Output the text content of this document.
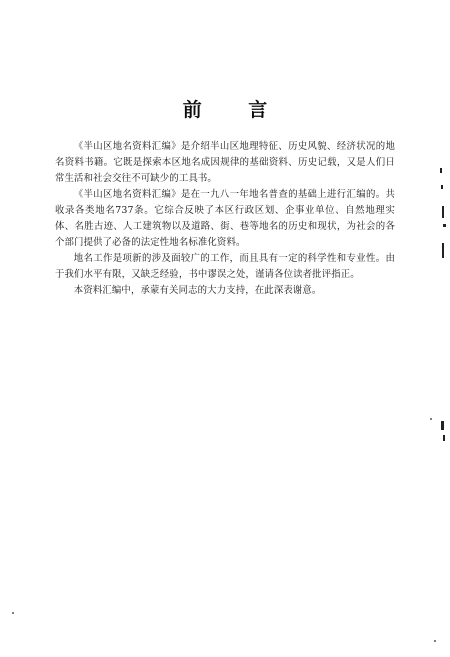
前 言

《半山区地名资料汇编》是介绍半山区地理特征、历史风貌、经济状况的地名资料书籍。它既是探索本区地名成因规律的基础资料、历史记载，又是人们日常生活和社会交往不可缺少的工具书。

《半山区地名资料汇编》是在一九八一年地名普查的基础上进行汇编的。共收录各类地名737条。它综合反映了本区行政区划、企事业单位、自然地理实体、名胜古迹、人工建筑物以及道路、街、巷等地名的历史和现状，为社会的各个部门提供了必备的法定性地名标准化资料。

地名工作是项新的涉及面较广的工作，而且具有一定的科学性和专业性。由于我们水平有限，又缺乏经验，书中谬误之处，谨请各位读者批评指正。

本资料汇编中，承蒙有关同志的大力支持，在此深表谢意。
